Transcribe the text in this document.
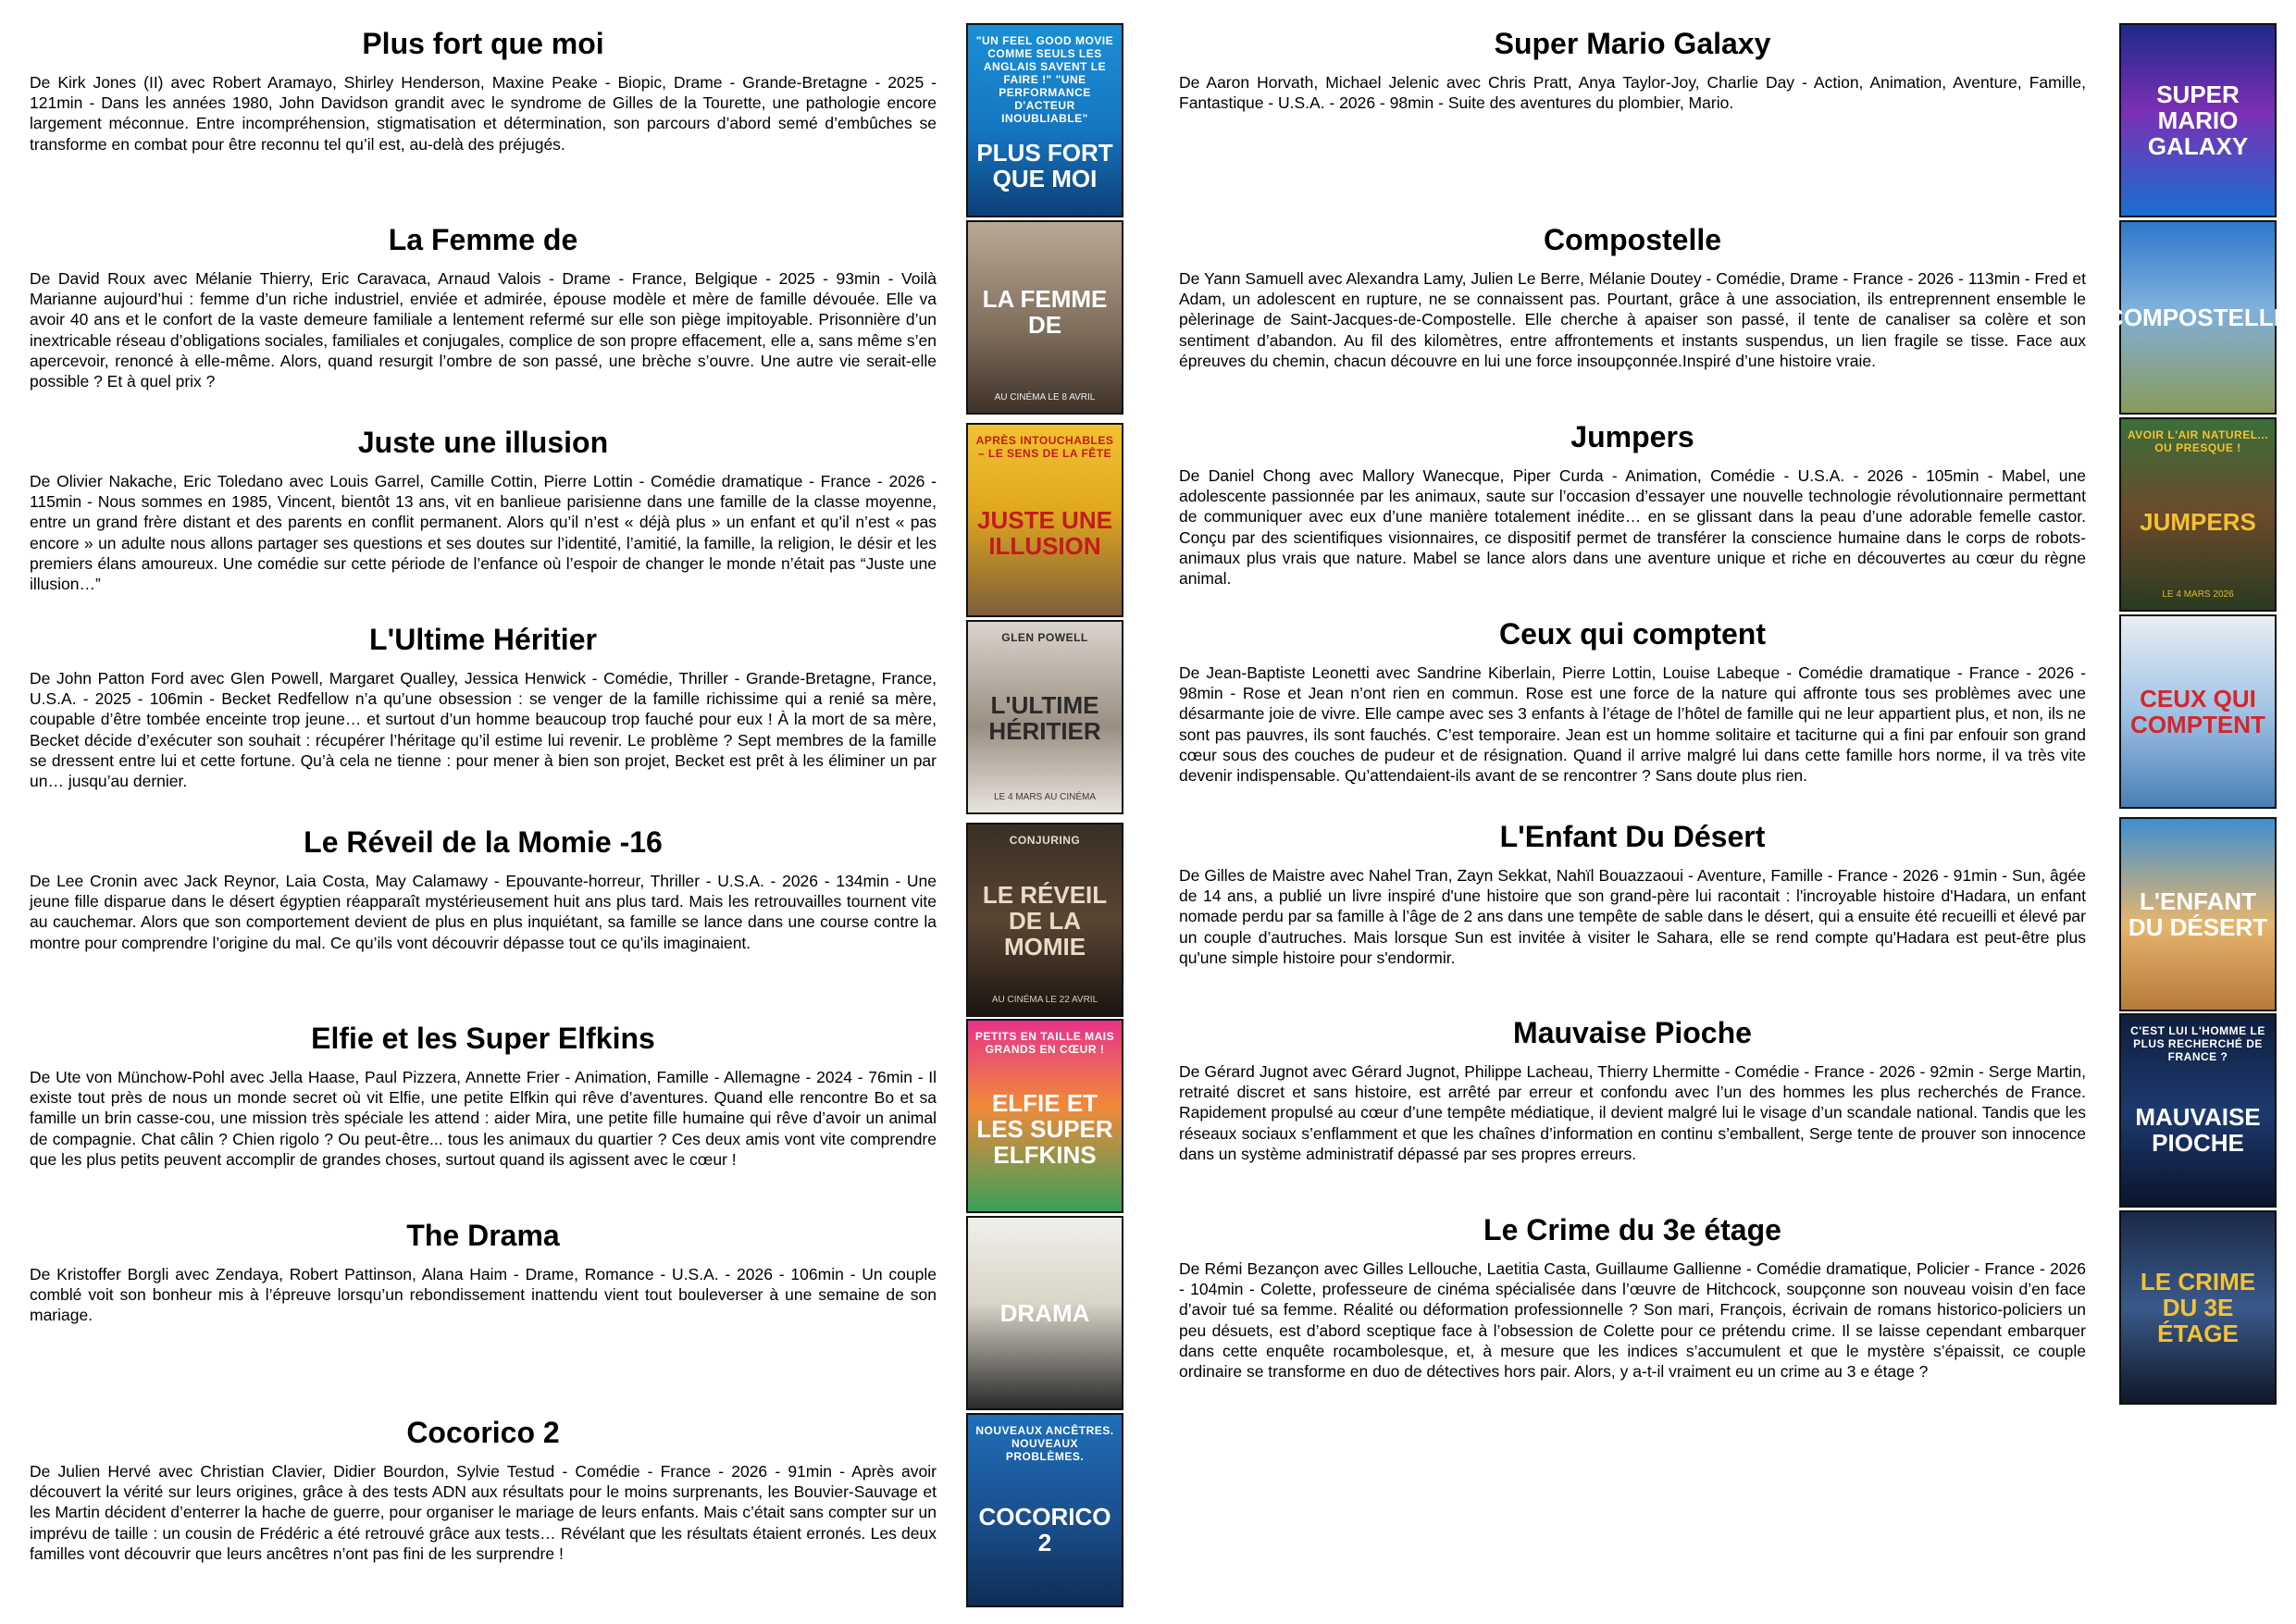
Plus fort que moi
De Kirk Jones (II) avec Robert Aramayo, Shirley Henderson, Maxine Peake - Biopic, Drame - Grande-Bretagne - 2025 - 121min - Dans les années 1980, John Davidson grandit avec le syndrome de Gilles de la Tourette, une pathologie encore largement méconnue. Entre incompréhension, stigmatisation et détermination, son parcours d’abord semé d’embûches se transforme en combat pour être reconnu tel qu’il est, au-delà des préjugés.
La Femme de
De David Roux avec Mélanie Thierry, Eric Caravaca, Arnaud Valois - Drame - France, Belgique - 2025 - 93min - Voilà Marianne aujourd’hui : femme d’un riche industriel, enviée et admirée, épouse modèle et mère de famille dévouée. Elle va avoir 40 ans et le confort de la vaste demeure familiale a lentement refermé sur elle son piège impitoyable. Prisonnière d’un inextricable réseau d’obligations sociales, familiales et conjugales, complice de son propre effacement, elle a, sans même s’en apercevoir, renoncé à elle-même. Alors, quand resurgit l’ombre de son passé, une brèche s’ouvre. Une autre vie serait-elle possible ? Et à quel prix ?
Juste une illusion
De Olivier Nakache, Eric Toledano avec Louis Garrel, Camille Cottin, Pierre Lottin - Comédie dramatique - France - 2026 - 115min - Nous sommes en 1985, Vincent, bientôt 13 ans, vit en banlieue parisienne dans une famille de la classe moyenne, entre un grand frère distant et des parents en conflit permanent. Alors qu’il n’est « déjà plus » un enfant et qu’il n’est « pas encore » un adulte nous allons partager ses questions et ses doutes sur l’identité, l’amitié, la famille, la religion, le désir et les premiers élans amoureux. Une comédie sur cette période de l’enfance où l’espoir de changer le monde n’était pas “Juste une illusion…”
L'Ultime Héritier
De John Patton Ford avec Glen Powell, Margaret Qualley, Jessica Henwick - Comédie, Thriller - Grande-Bretagne, France, U.S.A. - 2025 - 106min - Becket Redfellow n’a qu’une obsession : se venger de la famille richissime qui a renié sa mère, coupable d’être tombée enceinte trop jeune… et surtout d’un homme beaucoup trop fauché pour eux ! À la mort de sa mère, Becket décide d’exécuter son souhait : récupérer l’héritage qu’il estime lui revenir. Le problème ? Sept membres de la famille se dressent entre lui et cette fortune. Qu’à cela ne tienne : pour mener à bien son projet, Becket est prêt à les éliminer un par un… jusqu’au dernier.
Le Réveil de la Momie -16
De Lee Cronin avec Jack Reynor, Laia Costa, May Calamawy - Epouvante-horreur, Thriller - U.S.A. - 2026 - 134min - Une jeune fille disparue dans le désert égyptien réapparaît mystérieusement huit ans plus tard. Mais les retrouvailles tournent vite au cauchemar. Alors que son comportement devient de plus en plus inquiétant, sa famille se lance dans une course contre la montre pour comprendre l’origine du mal. Ce qu’ils vont découvrir dépasse tout ce qu’ils imaginaient.
Elfie et les Super Elfkins
De Ute von Münchow-Pohl avec Jella Haase, Paul Pizzera, Annette Frier - Animation, Famille - Allemagne - 2024 - 76min - Il existe tout près de nous un monde secret où vit Elfie, une petite Elfkin qui rêve d’aventures. Quand elle rencontre Bo et sa famille un brin casse-cou, une mission très spéciale les attend : aider Mira, une petite fille humaine qui rêve d’avoir un animal de compagnie. Chat câlin ? Chien rigolo ? Ou peut-être... tous les animaux du quartier ? Ces deux amis vont vite comprendre que les plus petits peuvent accomplir de grandes choses, surtout quand ils agissent avec le cœur !
The Drama
De Kristoffer Borgli avec Zendaya, Robert Pattinson, Alana Haim - Drame, Romance - U.S.A. - 2026 - 106min - Un couple comblé voit son bonheur mis à l’épreuve lorsqu’un rebondissement inattendu vient tout bouleverser à une semaine de son mariage.
Cocorico 2
De Julien Hervé avec Christian Clavier, Didier Bourdon, Sylvie Testud - Comédie - France - 2026 - 91min - Après avoir découvert la vérité sur leurs origines, grâce à des tests ADN aux résultats pour le moins surprenants, les Bouvier-Sauvage et les Martin décident d’enterrer la hache de guerre, pour organiser le mariage de leurs enfants. Mais c’était sans compter sur un imprévu de taille : un cousin de Frédéric a été retrouvé grâce aux tests… Révélant que les résultats étaient erronés. Les deux familles vont découvrir que leurs ancêtres n’ont pas fini de les surprendre !
Super Mario Galaxy
De Aaron Horvath, Michael Jelenic avec Chris Pratt, Anya Taylor-Joy, Charlie Day - Action, Animation, Aventure, Famille, Fantastique - U.S.A. - 2026 - 98min - Suite des aventures du plombier, Mario.
Compostelle
De Yann Samuell avec Alexandra Lamy, Julien Le Berre, Mélanie Doutey - Comédie, Drame - France - 2026 - 113min - Fred et Adam, un adolescent en rupture, ne se connaissent pas. Pourtant, grâce à une association, ils entreprennent ensemble le pèlerinage de Saint-Jacques-de-Compostelle. Elle cherche à apaiser son passé, il tente de canaliser sa colère et son sentiment d’abandon. Au fil des kilomètres, entre affrontements et instants suspendus, un lien fragile se tisse. Face aux épreuves du chemin, chacun découvre en lui une force insoupçonnée.Inspiré d’une histoire vraie.
Jumpers
De Daniel Chong avec Mallory Wanecque, Piper Curda - Animation, Comédie - U.S.A. - 2026 - 105min - Mabel, une adolescente passionnée par les animaux, saute sur l’occasion d’essayer une nouvelle technologie révolutionnaire permettant de communiquer avec eux d’une manière totalement inédite… en se glissant dans la peau d’une adorable femelle castor. Conçu par des scientifiques visionnaires, ce dispositif permet de transférer la conscience humaine dans le corps de robots-animaux plus vrais que nature. Mabel se lance alors dans une aventure unique et riche en découvertes au cœur du règne animal.
Ceux qui comptent
De Jean-Baptiste Leonetti avec Sandrine Kiberlain, Pierre Lottin, Louise Labeque - Comédie dramatique - France - 2026 - 98min - Rose et Jean n’ont rien en commun. Rose est une force de la nature qui affronte tous ses problèmes avec une désarmante joie de vivre. Elle campe avec ses 3 enfants à l’étage de l’hôtel de famille qui ne leur appartient plus, et non, ils ne sont pas pauvres, ils sont fauchés. C’est temporaire. Jean est un homme solitaire et taciturne qui a fini par enfouir son grand cœur sous des couches de pudeur et de résignation. Quand il arrive malgré lui dans cette famille hors norme, il va très vite devenir indispensable. Qu’attendaient-ils avant de se rencontrer ? Sans doute plus rien.
L'Enfant Du Désert
De Gilles de Maistre avec Nahel Tran, Zayn Sekkat, Nahïl Bouazzaoui - Aventure, Famille - France - 2026 - 91min - Sun, âgée de 14 ans, a publié un livre inspiré d'une histoire que son grand-père lui racontait : l'incroyable histoire d'Hadara, un enfant nomade perdu par sa famille à l’âge de 2 ans dans une tempête de sable dans le désert, qui a ensuite été recueilli et élevé par un couple d’autruches. Mais lorsque Sun est invitée à visiter le Sahara, elle se rend compte qu'Hadara est peut-être plus qu'une simple histoire pour s'endormir.
Mauvaise Pioche
De Gérard Jugnot avec Gérard Jugnot, Philippe Lacheau, Thierry Lhermitte - Comédie - France - 2026 - 92min - Serge Martin, retraité discret et sans histoire, est arrêté par erreur et confondu avec l’un des hommes les plus recherchés de France. Rapidement propulsé au cœur d’une tempête médiatique, il devient malgré lui le visage d’un scandale national. Tandis que les réseaux sociaux s’enflamment et que les chaînes d’information en continu s’emballent, Serge tente de prouver son innocence dans un système administratif dépassé par ses propres erreurs.
Le Crime du 3e étage
De Rémi Bezançon avec Gilles Lellouche, Laetitia Casta, Guillaume Gallienne - Comédie dramatique, Policier - France - 2026 - 104min - Colette, professeure de cinéma spécialisée dans l’œuvre de Hitchcock, soupçonne son nouveau voisin d’en face d’avoir tué sa femme. Réalité ou déformation professionnelle ? Son mari, François, écrivain de romans historico-policiers un peu désuets, est d’abord sceptique face à l’obsession de Colette pour ce prétendu crime. Il se laisse cependant embarquer dans cette enquête rocambolesque, et, à mesure que les indices s’accumulent et que le mystère s’épaissit, ce couple ordinaire se transforme en duo de détectives hors pair. Alors, y a-t-il vraiment eu un crime au 3 e étage ?
"UN FEEL GOOD MOVIE COMME SEULS LES ANGLAIS SAVENT LE FAIRE !" "UNE PERFORMANCE D'ACTEUR INOUBLIABLE"
PLUS FORT QUE MOI
LA FEMME DE
AU CINÉMA LE 8 AVRIL
APRÈS INTOUCHABLES – LE SENS DE LA FÊTE
JUSTE UNE ILLUSION
GLEN POWELL
L'ULTIME HÉRITIER
LE 4 MARS AU CINÉMA
CONJURING
LE RÉVEIL DE LA MOMIE
AU CINÉMA LE 22 AVRIL
PETITS EN TAILLE MAIS GRANDS EN CŒUR !
ELFIE ET LES SUPER ELFKINS
DRAMA
NOUVEAUX ANCÊTRES. NOUVEAUX PROBLÈMES.
COCORICO 2
SUPER MARIO GALAXY
COMPOSTELLE
AVOIR L'AIR NATUREL... OU PRESQUE !
JUMPERS
LE 4 MARS 2026
CEUX QUI COMPTENT
L'ENFANT DU DÉSERT
C'EST LUI L'HOMME LE PLUS RECHERCHÉ DE FRANCE ?
MAUVAISE PIOCHE
LE CRIME DU 3E ÉTAGE
